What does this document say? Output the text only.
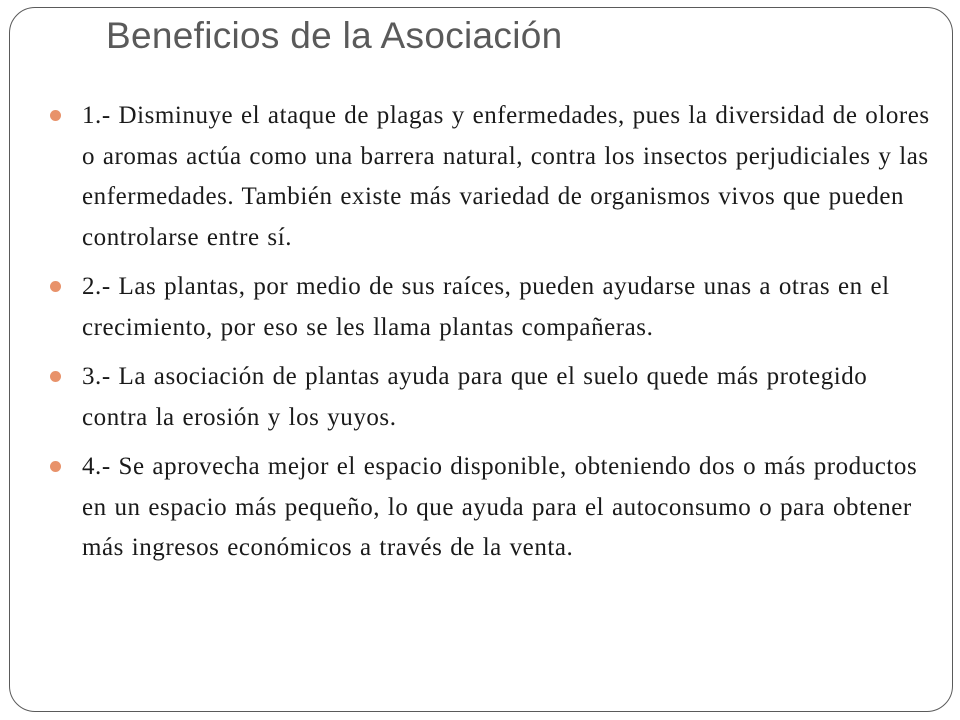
Beneficios de la Asociación
1.- Disminuye el ataque de plagas y enfermedades, pues la diversidad de olores o aromas actúa como una barrera natural, contra los insectos perjudiciales y las enfermedades. También existe más variedad de organismos vivos que pueden controlarse entre sí.
2.- Las plantas, por medio de sus raíces, pueden ayudarse unas a otras en el crecimiento, por eso se les llama plantas compañeras.
3.- La asociación de plantas ayuda para que el suelo quede más protegido contra la erosión y los yuyos.
4.- Se aprovecha mejor el espacio disponible, obteniendo dos o más productos en un espacio más pequeño, lo que ayuda para el autoconsumo o para obtener más ingresos económicos a través de la venta.
